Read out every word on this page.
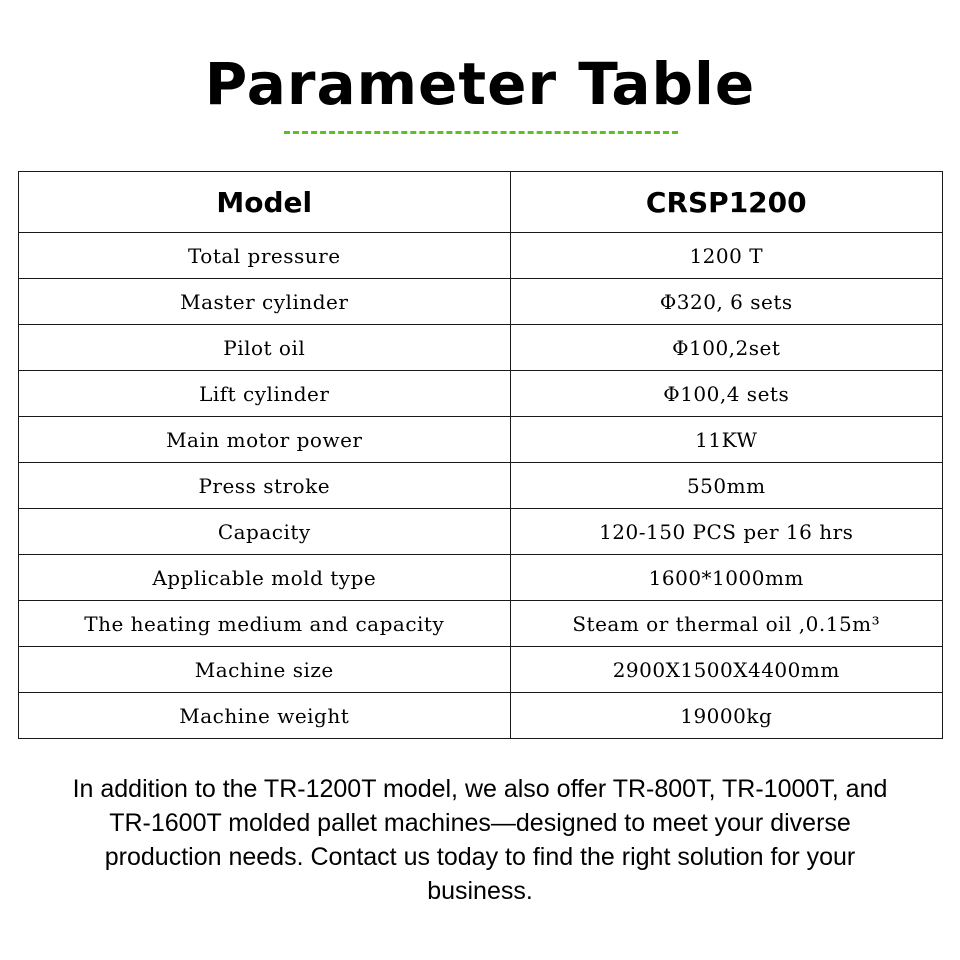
Parameter Table
Model	CRSP1200
Total pressure	1200 T
Master cylinder	Φ320, 6 sets
Pilot oil	Φ100,2set
Lift cylinder	Φ100,4 sets
Main motor power	11KW
Press stroke	550mm
Capacity	120-150 PCS per 16 hrs
Applicable mold type	1600*1000mm
The heating medium and capacity	Steam or thermal oil ,0.15m³
Machine size	2900X1500X4400mm
Machine weight	19000kg

In addition to the TR-1200T model, we also offer TR-800T, TR-1000T, and TR-1600T molded pallet machines—designed to meet your diverse production needs. Contact us today to find the right solution for your business.
